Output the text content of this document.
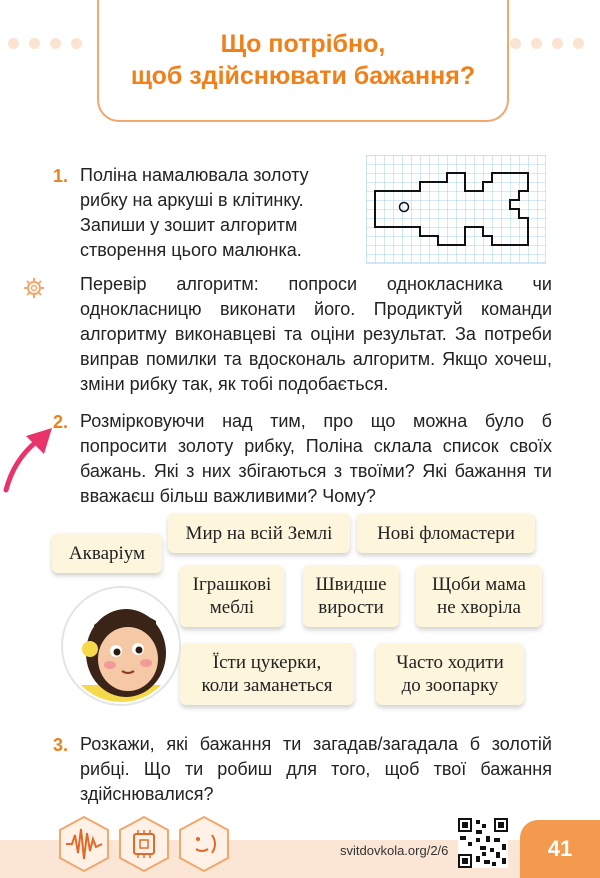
Що потрібно,
щоб здійснювати бажання?
1. Поліна намалювала золоту
рибку на аркуші в клітинку.
Запиши у зошит алгоритм
створення цього малюнка.
Перевір алгоритм: попроси однокласника чи однокласницю виконати його. Продиктуй команди алгоритму виконавцеві та оціни результат. За потреби виправ помилки та вдоскональ алгоритм. Якщо хочеш, зміни рибку так, як тобі подобається.
2. Розмірковуючи над тим, про що можна було б попросити золоту рибку, Поліна склала список своїх бажань. Які з них збігаються з твоїми? Які бажання ти вважаєш більш важливими? Чому?
Акваріум
Мир на всій Землі	Нові фломастери
Іграшкові
меблі
Швидше
вирости
Щоби мама
не хворіла
Їсти цукерки,
коли заманеться
Часто ходити
до зоопарку
3. Розкажи, які бажання ти загадав/загадала б золотій рибці. Що ти робиш для того, щоб твої бажання здійснювалися?
svitdovkola.org/2/6	41
